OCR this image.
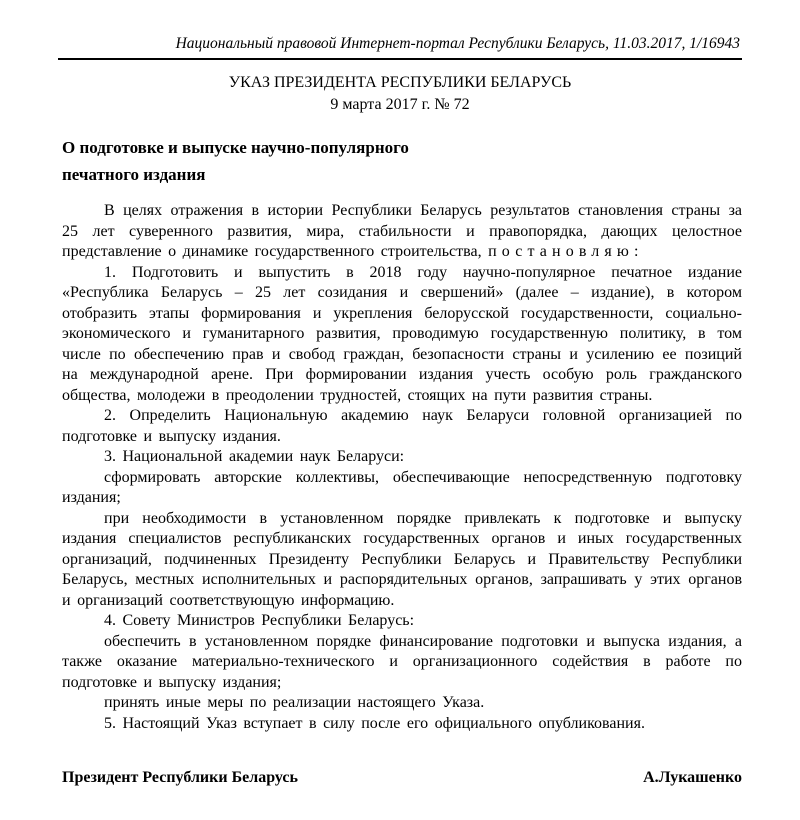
Национальный правовой Интернет-портал Республики Беларусь, 11.03.2017, 1/16943
УКАЗ ПРЕЗИДЕНТА РЕСПУБЛИКИ БЕЛАРУСЬ
9 марта 2017 г. № 72
О подготовке и выпуске научно-популярного
печатного издания

В целях отражения в истории Республики Беларусь результатов становления страны за 25 лет суверенного развития, мира, стабильности и правопорядка, дающих целостное представление о динамике государственного строительства, постановляю:

1. Подготовить и выпустить в 2018 году научно-популярное печатное издание «Республика Беларусь – 25 лет созидания и свершений» (далее – издание), в котором отобразить этапы формирования и укрепления белорусской государственности, социально-экономического и гуманитарного развития, проводимую государственную политику, в том числе по обеспечению прав и свобод граждан, безопасности страны и усилению ее позиций на международной арене. При формировании издания учесть особую роль гражданского общества, молодежи в преодолении трудностей, стоящих на пути развития страны.

2. Определить Национальную академию наук Беларуси головной организацией по подготовке и выпуску издания.

3. Национальной академии наук Беларуси:

сформировать авторские коллективы, обеспечивающие непосредственную подготовку издания;

при необходимости в установленном порядке привлекать к подготовке и выпуску издания специалистов республиканских государственных органов и иных государственных организаций, подчиненных Президенту Республики Беларусь и Правительству Республики Беларусь, местных исполнительных и распорядительных органов, запрашивать у этих органов и организаций соответствующую информацию.

4. Совету Министров Республики Беларусь:

обеспечить в установленном порядке финансирование подготовки и выпуска издания, а также оказание материально-технического и организационного содействия в работе по подготовке и выпуску издания;

принять иные меры по реализации настоящего Указа.

5. Настоящий Указ вступает в силу после его официального опубликования.

Президент Республики Беларусь	А.Лукашенко
